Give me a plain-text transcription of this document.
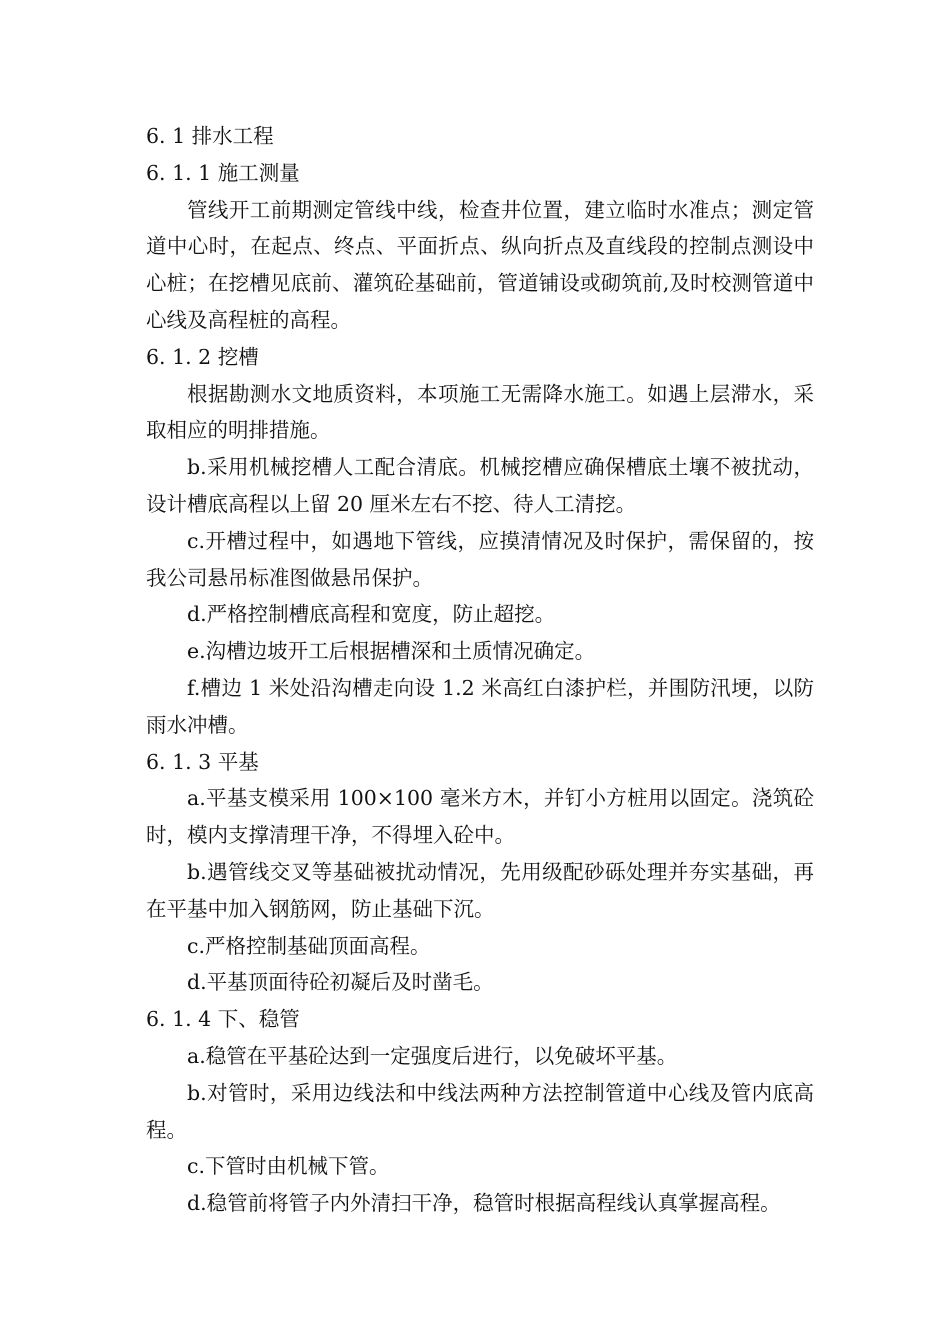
6. 1 排水工程

6. 1. 1 施工测量

管线开工前期测定管线中线，检查井位置，建立临时水准点；测定管道中心时，在起点、终点、平面折点、纵向折点及直线段的控制点测设中心桩；在挖槽见底前、灌筑砼基础前，管道铺设或砌筑前,及时校测管道中心线及高程桩的高程。

6. 1. 2 挖槽

根据勘测水文地质资料，本项施工无需降水施工。如遇上层滞水，采取相应的明排措施。

b.采用机械挖槽人工配合清底。机械挖槽应确保槽底土壤不被扰动，设计槽底高程以上留 20 厘米左右不挖、待人工清挖。

c.开槽过程中，如遇地下管线，应摸清情况及时保护，需保留的，按我公司悬吊标准图做悬吊保护。

d.严格控制槽底高程和宽度，防止超挖。

e.沟槽边坡开工后根据槽深和土质情况确定。

f.槽边 1 米处沿沟槽走向设 1.2 米高红白漆护栏，并围防汛埂，以防雨水冲槽。

6. 1. 3 平基

a.平基支模采用 100×100 毫米方木，并钉小方桩用以固定。浇筑砼时，模内支撑清理干净，不得埋入砼中。

b.遇管线交叉等基础被扰动情况，先用级配砂砾处理并夯实基础，再在平基中加入钢筋网，防止基础下沉。

c.严格控制基础顶面高程。

d.平基顶面待砼初凝后及时凿毛。

6. 1. 4 下、稳管

a.稳管在平基砼达到一定强度后进行，以免破坏平基。

b.对管时，采用边线法和中线法两种方法控制管道中心线及管内底高程。

c.下管时由机械下管。

d.稳管前将管子内外清扫干净，稳管时根据高程线认真掌握高程。
